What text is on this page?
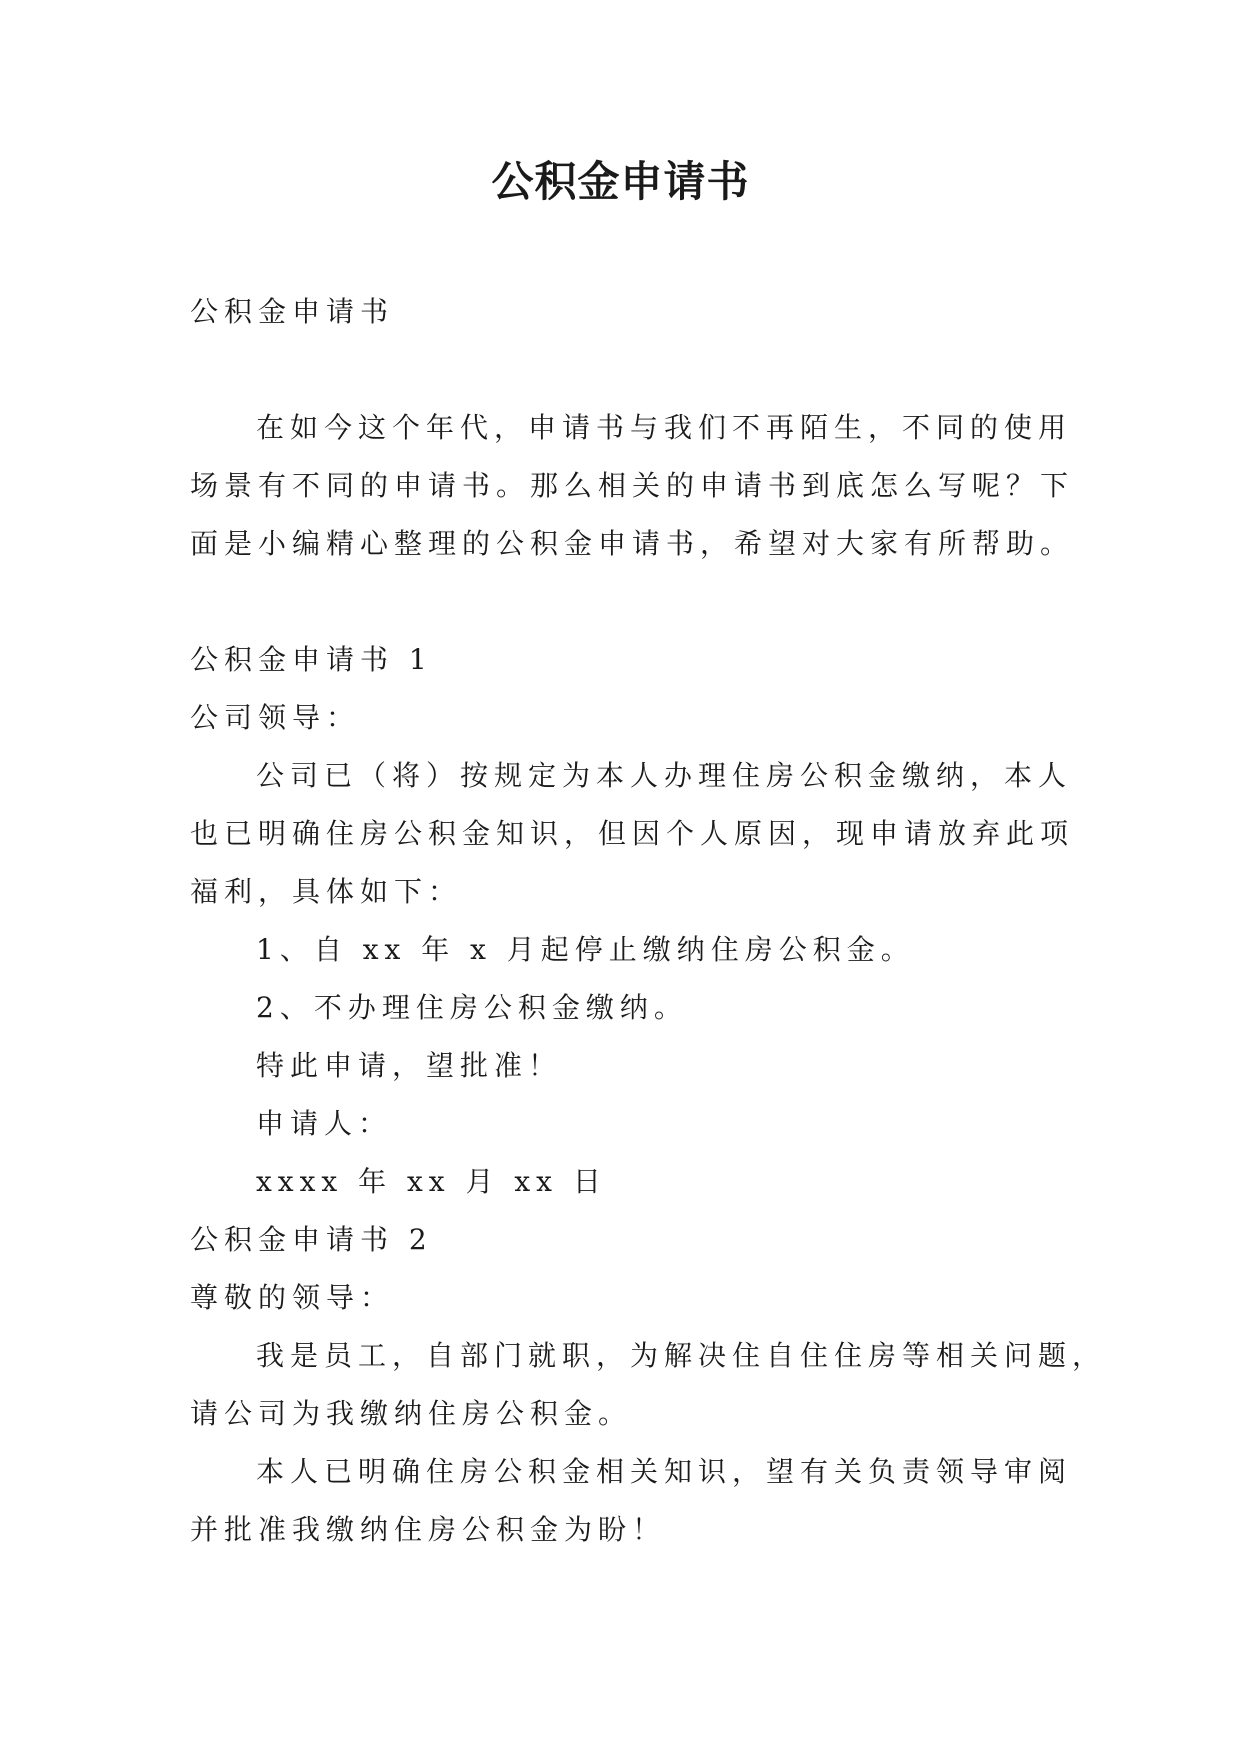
公积金申请书
公积金申请书
在如今这个年代，申请书与我们不再陌生，不同的使用
场景有不同的申请书。那么相关的申请书到底怎么写呢？下
面是小编精心整理的公积金申请书，希望对大家有所帮助。
公积金申请书 1
公司领导：
公司已（将）按规定为本人办理住房公积金缴纳，本人
也已明确住房公积金知识，但因个人原因，现申请放弃此项
福利，具体如下：
1、自 xx 年 x 月起停止缴纳住房公积金。
2、不办理住房公积金缴纳。
特此申请，望批准！
申请人：
xxxx 年 xx 月 xx 日
公积金申请书 2
尊敬的领导：
我是员工，自部门就职，为解决住自住住房等相关问题，
请公司为我缴纳住房公积金。
本人已明确住房公积金相关知识，望有关负责领导审阅
并批准我缴纳住房公积金为盼！
